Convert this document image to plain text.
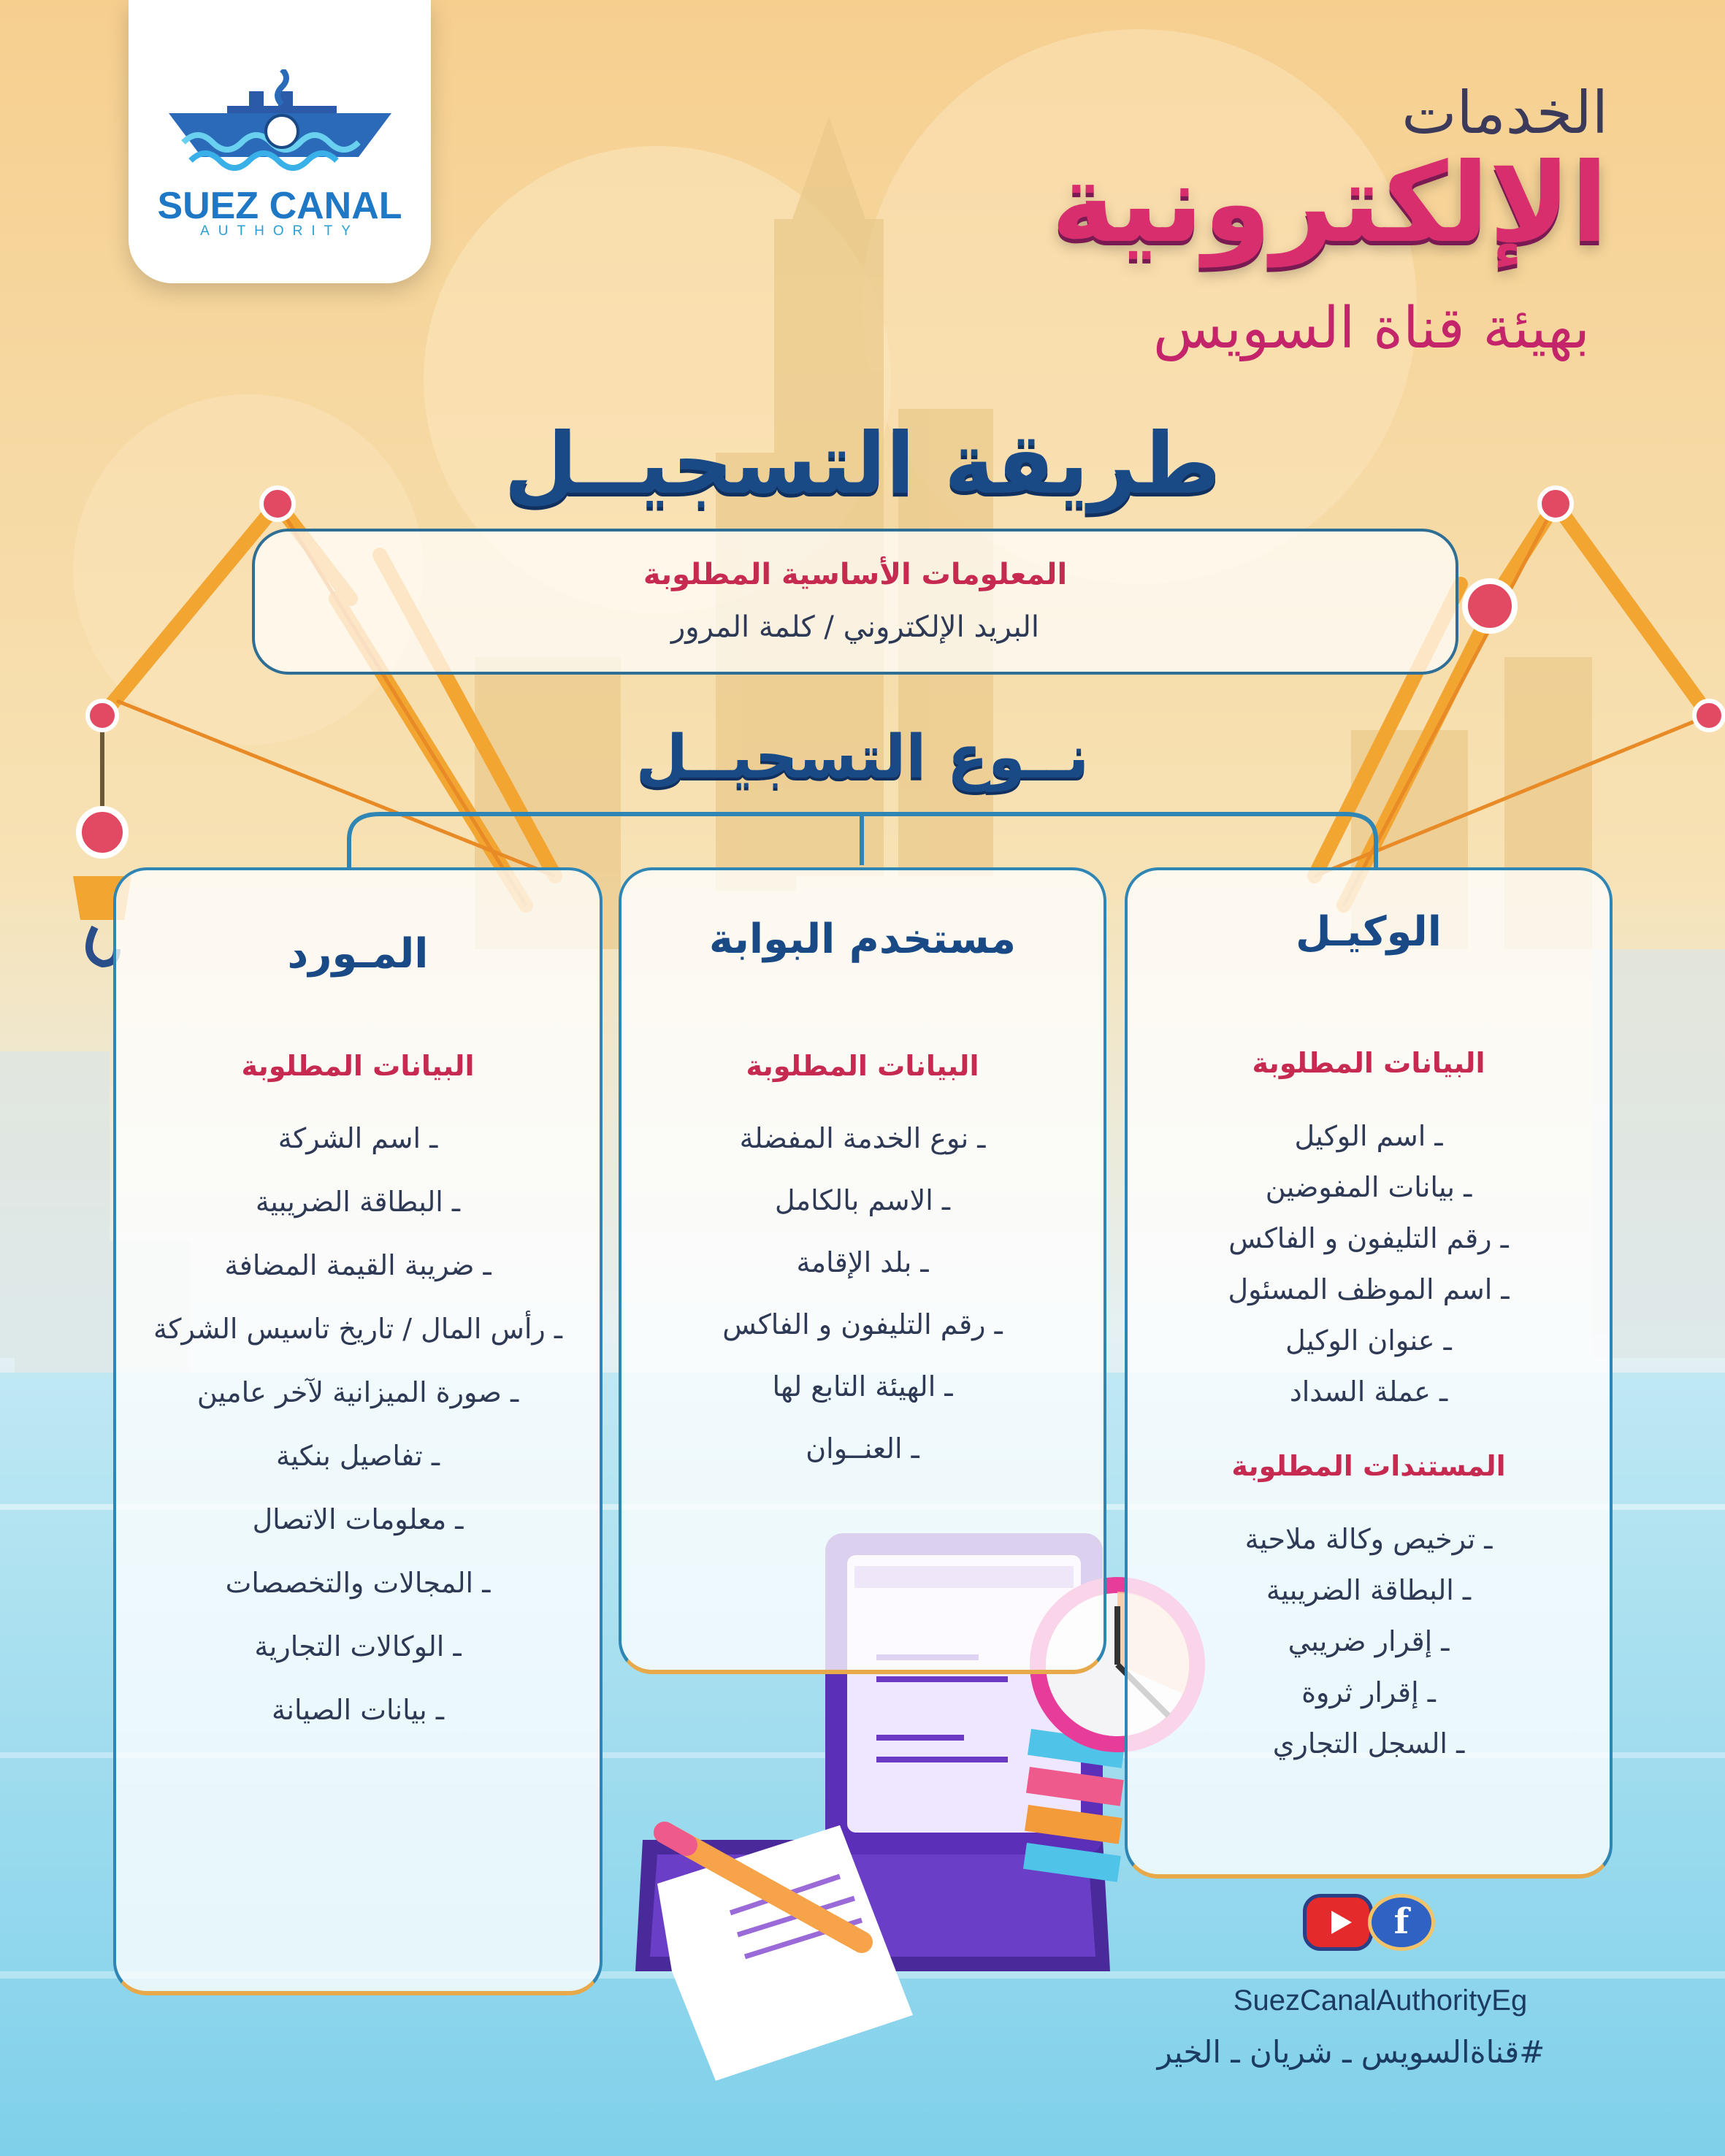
SUEZ CANAL
AUTHORITY
الخدمات
الإلكترونية
بهيئة قناة السويس
طريقة التسجيــل
المعلومات الأساسية المطلوبة
البريد الإلكتروني / كلمة المرور
نــوع التسجيــل
الوكيـل
البيانات المطلوبة
ـ اسم الوكيل
ـ بيانات المفوضين
ـ رقم التليفون و الفاكس
ـ اسم الموظف المسئول
ـ عنوان الوكيل
ـ عملة السداد
المستندات المطلوبة
ـ ترخيص وكالة ملاحية
ـ البطاقة الضريبية
ـ إقرار ضريبي
ـ إقرار ثروة
ـ السجل التجاري
مستخدم البوابة
البيانات المطلوبة
ـ نوع الخدمة المفضلة
ـ الاسم بالكامل
ـ بلد الإقامة
ـ رقم التليفون و الفاكس
ـ الهيئة التابع لها
ـ العنــوان
المـورد
البيانات المطلوبة
ـ اسم الشركة
ـ البطاقة الضريبية
ـ ضريبة القيمة المضافة
ـ رأس المال / تاريخ تاسيس الشركة
ـ صورة الميزانية لآخر عامين
ـ تفاصيل بنكية
ـ معلومات الاتصال
ـ المجالات والتخصصات
ـ الوكالات التجارية
ـ بيانات الصيانة
f
SuezCanalAuthorityEg
#قناةالسويس ـ شريان ـ الخير
